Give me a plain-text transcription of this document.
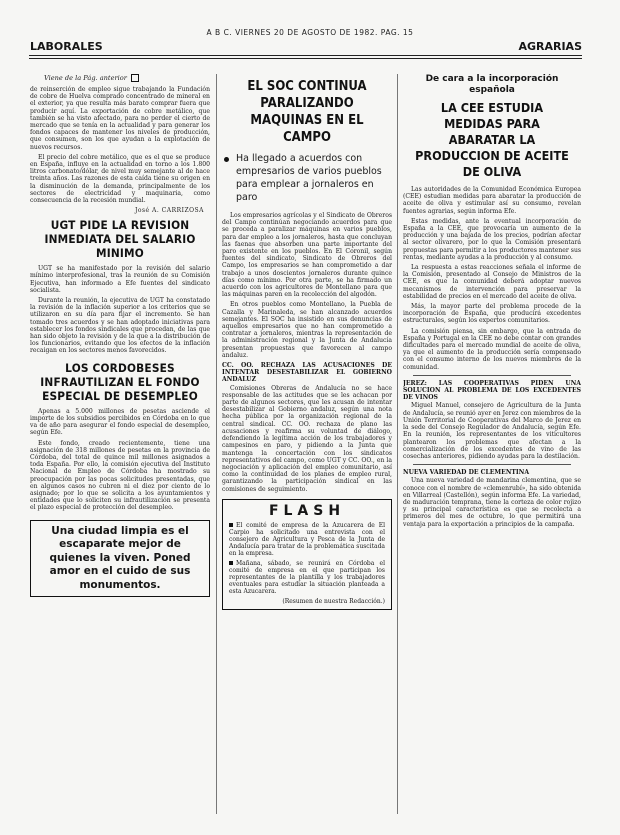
A B C. VIERNES 20 DE AGOSTO DE 1982. PAG. 15
LABORALES	AGRARIAS
Viene de la Pág. anterior

de reinserción de empleo sigue trabajando la Fundación de cobre de Huelva comprado concentrado de mineral en el exterior, ya que resulta más barato comprar fuera que producir aquí. La exportación de cobre metálico, que también se ha visto afectado, para no perder el cierto de mercado que se tenía en la actualidad y para generar los fondos capaces de mantener los niveles de producción, que consumen, son los que ayudan a la explotación de nuevos recursos.

El precio del cobre metálico, que es el que se produce en España, influye en la actualidad en torno a los 1.800 litros carbonato/dólar, de nivel muy semejante al de hace treinta años. Las razones de esta caída tiene su origen en la disminución de la demanda, principalmente de los sectores de electricidad y maquinaria, como consecuencia de la recesión mundial.

José A. CARRIZOSA
UGT PIDE LA REVISION INMEDIATA DEL SALARIO MINIMO

UGT se ha manifestado por la revisión del salario mínimo interprofesional, tras la reunión de su Comisión Ejecutiva, han informado a Efe fuentes del sindicato socialista.

Durante la reunión, la ejecutiva de UGT ha constatado la revisión de la inflación superior a los criterios que se utilizaron en su día para fijar el incremento. Se han tomado tres acuerdos y se han adoptado iniciativas para establecer los fondos sindicales que procedan, de las que han sido objeto la revisión y de la que a la distribución de los funcionarios, evitando que los efectos de la inflación recaigan en los sectores menos favorecidos.

LOS CORDOBESES INFRAUTILIZAN EL FONDO ESPECIAL DE DESEMPLEO

Apenas a 5.000 millones de pesetas asciende el importe de los subsidios percibidos en Córdoba en lo que va de año para asegurar el fondo especial de desempleo, según Efe.

Este fondo, creado recientemente, tiene una asignación de 318 millones de pesetas en la provincia de Córdoba, del total de quince mil millones asignados a toda España. Por ello, la comisión ejecutiva del Instituto Nacional de Empleo de Córdoba ha mostrado su preocupación por las pocas solicitudes presentadas, que en algunos casos no cubren ni el diez por ciento de lo asignado; por lo que se solicita a los ayuntamientos y entidades que lo soliciten su infrautilización se presenta el plazo especial de protección del desempleo.

Una ciudad limpia es el escaparate mejor de quienes la viven. Poned amor en el cuido de sus monumentos.
EL SOC CONTINUA PARALIZANDO MAQUINAS EN EL CAMPO
Ha llegado a acuerdos con empresarios de varios pueblos para emplear a jornaleros en paro

Los empresarios agrícolas y el Sindicato de Obreros del Campo continúan negociando acuerdos para que se proceda a paralizar máquinas en varios pueblos, para dar empleo a los jornaleros, hasta que concluyan las faenas que absorben una parte importante del paro existente en los pueblos. En El Coronil, según fuentes del sindicato, Sindicato de Obreros del Campo, los empresarios se han comprometido a dar trabajo a unos doscientos jornaleros durante quince días como mínimo. Por otra parte, se ha firmado un acuerdo con los agricultores de Montellano para que las máquinas paren en la recolección del algodón.

En otros pueblos como Montellano, la Puebla de Cazalla y Marinaleda, se han alcanzado acuerdos semejantes. El SOC ha insistido en sus denuncias de aquellos empresarios que no han comprometido a contratar a jornaleros, mientras la representación de la administración regional y la Junta de Andalucía presentan propuestas que favorecen al campo andaluz.

CC. OO. RECHAZA LAS ACUSACIONES DE INTENTAR DESESTABILIZAR EL GOBIERNO ANDALUZ

Comisiones Obreras de Andalucía no se hace responsable de las actitudes que se les achacan por parte de algunos sectores, que les acusan de intentar desestabilizar al Gobierno andaluz, según una nota hecha pública por la organización regional de la central sindical. CC. OO. rechaza de plano las acusaciones y reafirma su voluntad de diálogo, defendiendo la legítima acción de los trabajadores y campesinos en paro, y pidiendo a la Junta que mantenga la concertación con los sindicatos representativos del campo, como UGT y CC. OO., en la negociación y aplicación del empleo comunitario, así como la continuidad de los planes de empleo rural, garantizando la participación sindical en las comisiones de seguimiento.

FLASH
El comité de empresa de la Azucarera de El Carpio ha solicitado una entrevista con el consejero de Agricultura y Pesca de la Junta de Andalucía para tratar de la problemática suscitada en la empresa.
Mañana, sábado, se reunirá en Córdoba el comité de empresa en el que participan los representantes de la plantilla y los trabajadores eventuales para estudiar la situación planteada a esta Azucarera.
(Resumen de nuestra Redacción.)
De cara a la incorporación española
LA CEE ESTUDIA MEDIDAS PARA ABARATAR LA PRODUCCION DE ACEITE DE OLIVA

Las autoridades de la Comunidad Económica Europea (CEE) estudian medidas para abaratar la producción de aceite de oliva y estimular así su consumo, revelan fuentes agrarias, según informa Efe.

Estas medidas, ante la eventual incorporación de España a la CEE, que provocaría un aumento de la producción y una bajada de los precios, podrían afectar al sector olivarero, por lo que la Comisión presentará propuestas para permitir a los productores mantener sus rentas, mediante ayudas a la producción y al consumo.

La respuesta a estas reacciones señala el informe de la Comisión, presentado al Consejo de Ministros de la CEE, es que la comunidad deberá adoptar nuevos mecanismos de intervención para preservar la estabilidad de precios en el mercado del aceite de oliva.

Más, la mayor parte del problema procede de la incorporación de España, que producirá excedentes estructurales, según los expertos comunitarios.

La comisión piensa, sin embargo, que la entrada de España y Portugal en la CEE no debe contar con grandes dificultades para el mercado mundial de aceite de oliva, ya que el aumento de la producción sería compensado con el consumo interno de los nuevos miembros de la comunidad.

JEREZ: LAS COOPERATIVAS PIDEN UNA SOLUCION AL PROBLEMA DE LOS EXCEDENTES DE VINOS

Miguel Manuel, consejero de Agricultura de la Junta de Andalucía, se reunió ayer en Jerez con miembros de la Unión Territorial de Cooperativas del Marco de Jerez en la sede del Consejo Regulador de Andalucía, según Efe. En la reunión, los representantes de los viticultores plantearon los problemas que afectan a la comercialización de los excedentes de vino de las cosechas anteriores, pidiendo ayudas para la destilación.

NUEVA VARIEDAD DE CLEMENTINA

Una nueva variedad de mandarina clementina, que se conoce con el nombre de «clemenrubí», ha sido obtenida en Villarreal (Castellón), según informa Efe. La variedad, de maduración temprana, tiene la corteza de color rojizo y su principal característica es que se recolecta a primeros del mes de octubre, lo que permitirá una ventaja para la exportación a principios de la campaña.
